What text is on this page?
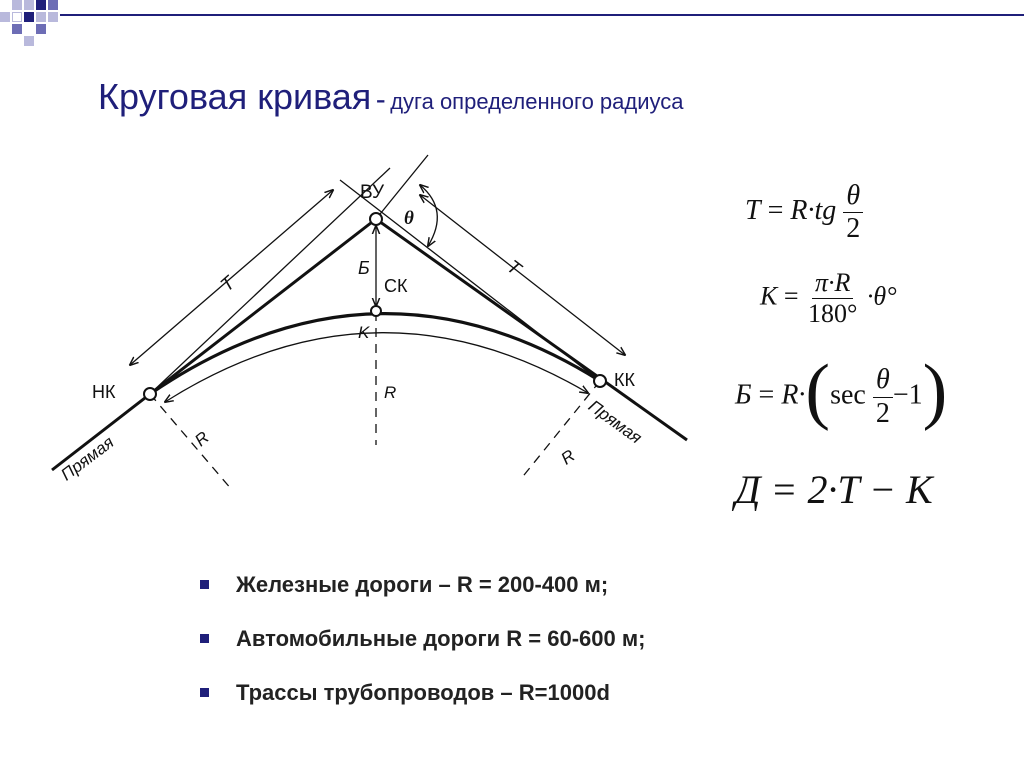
Круговая кривая - дуга определенного радиуса
ВУ
НК
КК
СК
T
T
Б
K
θ
R
R
R
Прямая
Прямая
$T = R\cdot tg \frac{\theta}{2}$
$K = \frac{\pi\cdot R}{180^\circ} \cdot\theta^\circ$
$Б = R\cdot(\sec \frac{\theta}{2} -1)$
Д = 2·T − K
Железные дороги – R = 200-400 м;
Автомобильные дороги R = 60-600 м;
Трассы трубопроводов – R=1000d
